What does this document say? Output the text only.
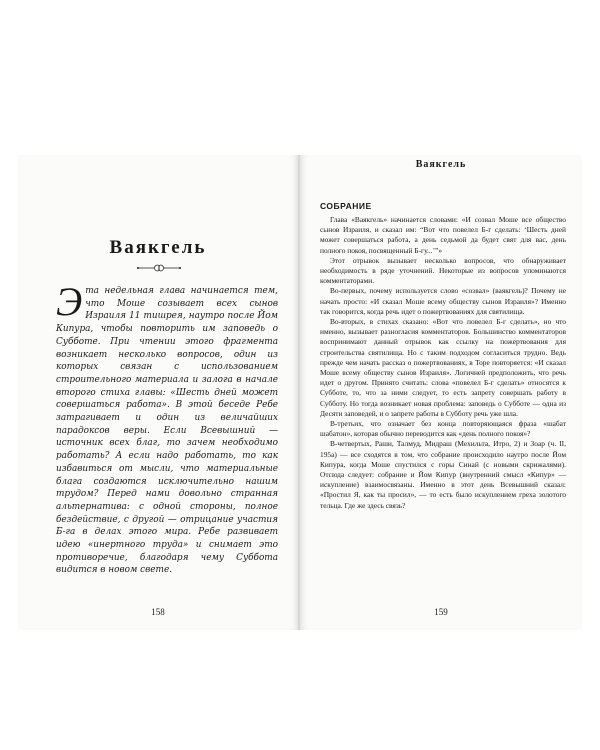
Ваякгель
Э та недельная глава начинается тем, что Моше созывает всех сынов Израиля 11 тишрея, наутро после Йом Кипура, чтобы повторить им заповедь о Субботе. При чтении этого фрагмента возникает несколько вопросов, один из которых связан с использованием строительного материала и залога в начале второго стиха главы: «Шесть дней может совершаться работа». В этой беседе Ребе затрагивает и один из величайших парадоксов веры. Если Всевышний — источник всех благ, то зачем необходимо работать? А если надо работать, то как избавиться от мысли, что материальные блага создаются исключительно нашим трудом? Перед нами довольно странная альтернатива: с одной стороны, полное бездействие, с другой — отрицание участия Б-га в делах этого мира. Ребе развивает идею «инертного труда» и снимает это противоречие, благодаря чему Суббота видится в новом свете.
158
Ваякгель
СОБРАНИЕ

Глава «Ваякгель» начинается словами: «И созвал Моше все общество сынов Израиля, и сказал им: “Вот что повелел Б-г сделать: ‘Шесть дней может совершаться работа, а день седьмой да будет свят для вас, день полного покоя, посвященный Б-гу...’”»

Этот отрывок вызывает несколько вопросов, что обнаруживает необходимость в ряде уточнений. Некоторые из вопросов упоминаются комментаторами.

Во-первых, почему используется слово «созвал» (ваякгель)? Почему не начать просто: «И сказал Моше всему обществу сынов Израиля»? Именно так говорится, когда речь идет о пожертвованиях для святилища.

Во-вторых, в стихах сказано: «Вот что повелел Б-г сделать», но что именно, вызывает разногласия комментаторов. Большинство комментаторов воспринимают данный отрывок как ссылку на пожертвования для строительства святилища. Но с таким подходом согласиться трудно. Ведь прежде чем начать рассказ о пожертвованиях, в Торе повторяется: «И сказал Моше всему обществу сынов Израиля». Логичней предположить, что речь идет о другом. Принято считать: слова «повелел Б-г сделать» относятся к Субботе, то, что за ними следует, то есть запрету совершать работу в Субботу. Но тогда возникает новая проблема: заповедь о Субботе — одна из Десяти заповедей, и о запрете работы в Субботу речь уже шла.

В-третьих, что означает без конца повторяющаяся фраза «шабат шабатон», которая обычно переводится как «день полного покоя»?

В-четвертых, Раши, Талмуд, Мидраш (Мехильта, Итро, 2) и Зоар (ч. II, 195а) — все сходятся в том, что собрание происходило наутро после Йом Кипура, когда Моше спустился с горы Синай (с новыми скрижалями). Отсюда следует: собрание и Йом Кипур (внутренний смысл «Кипур» — искупление) взаимосвязаны. Именно в этот день Всевышний сказал: «Простил Я, как ты просил», — то есть было искуплением греха золотого тельца. Где же здесь связь?

159
